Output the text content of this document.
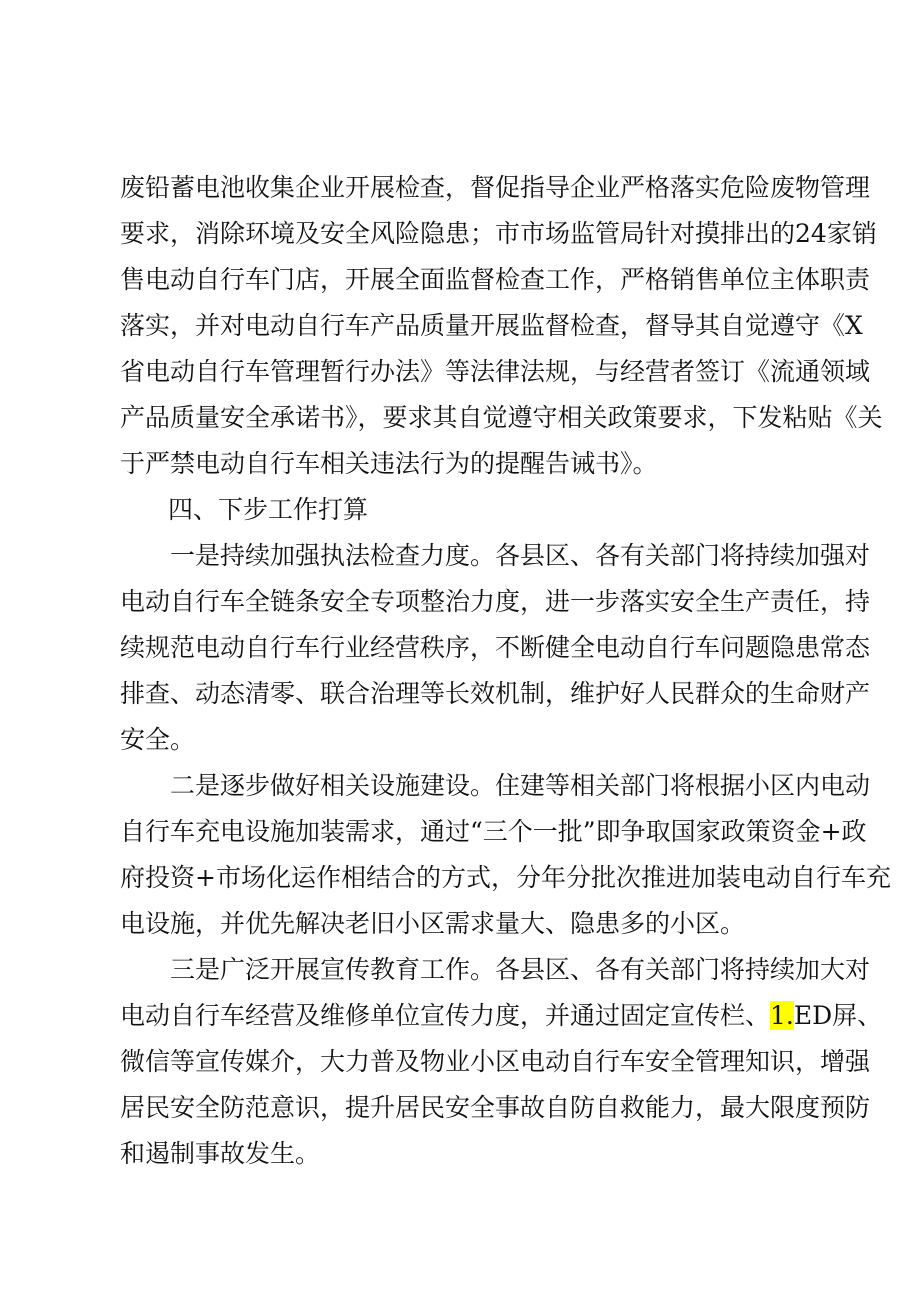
废铅蓄电池收集企业开展检查，督促指导企业严格落实危险废物管理
要求，消除环境及安全风险隐患；市市场监管局针对摸排出的24家销
售电动自行车门店，开展全面监督检查工作，严格销售单位主体职责
落实，并对电动自行车产品质量开展监督检查，督导其自觉遵守《X
省电动自行车管理暂行办法》等法律法规，与经营者签订《流通领域
产品质量安全承诺书》，要求其自觉遵守相关政策要求，下发粘贴《关
于严禁电动自行车相关违法行为的提醒告诫书》。
四、下步工作打算
一是持续加强执法检查力度。各县区、各有关部门将持续加强对
电动自行车全链条安全专项整治力度，进一步落实安全生产责任，持
续规范电动自行车行业经营秩序，不断健全电动自行车问题隐患常态
排查、动态清零、联合治理等长效机制，维护好人民群众的生命财产
安全。
二是逐步做好相关设施建设。住建等相关部门将根据小区内电动
自行车充电设施加装需求，通过“三个一批”即争取国家政策资金+政
府投资+市场化运作相结合的方式，分年分批次推进加装电动自行车充
电设施，并优先解决老旧小区需求量大、隐患多的小区。
三是广泛开展宣传教育工作。各县区、各有关部门将持续加大对
电动自行车经营及维修单位宣传力度，并通过固定宣传栏、1.ED屏、
微信等宣传媒介，大力普及物业小区电动自行车安全管理知识，增强
居民安全防范意识，提升居民安全事故自防自救能力，最大限度预防
和遏制事故发生。
